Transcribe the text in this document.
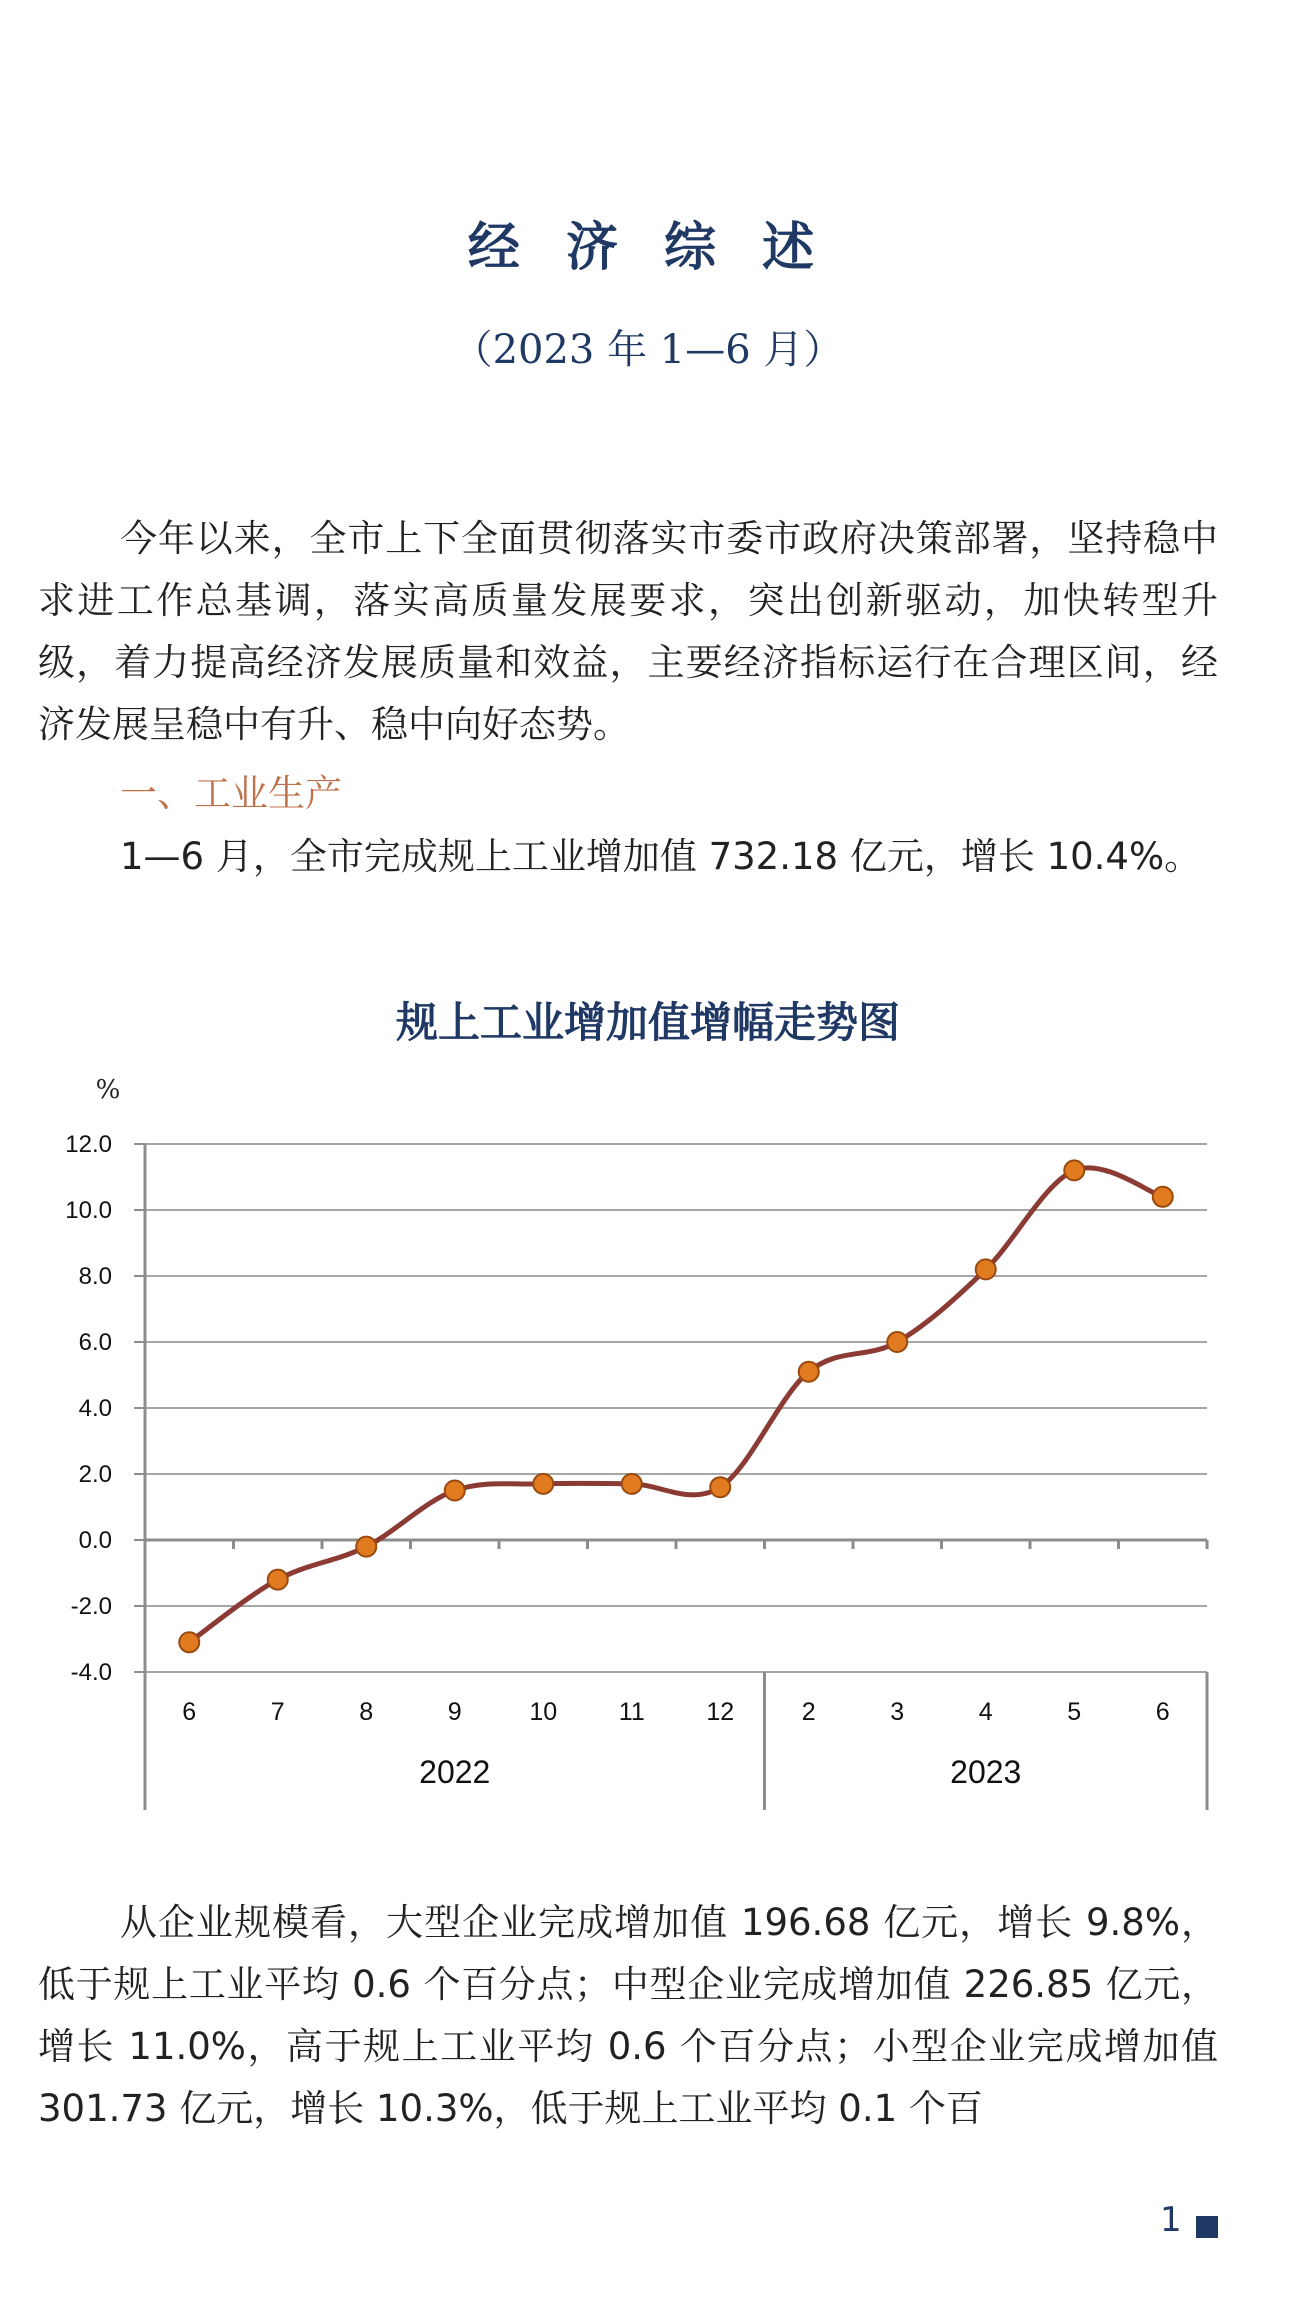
经 济 综 述
（2023 年 1—6 月）

今年以来，全市上下全面贯彻落实市委市政府决策部署，坚持稳中求进工作总基调，落实高质量发展要求，突出创新驱动，加快转型升级，着力提高经济发展质量和效益，主要经济指标运行在合理区间，经济发展呈稳中有升、稳中向好态势。

一、工业生产

1—6 月，全市完成规上工业增加值 732.18 亿元，增长 10.4%。

规上工业增加值增幅走势图
%
12.0
10.0
8.0
6.0
4.0
2.0
0.0
-2.0
-4.0
6	7	8	9	10 11 12	2	3	4	5	6
2022	2023

从企业规模看，大型企业完成增加值 196.68 亿元，增长 9.8%，低于规上工业平均 0.6 个百分点；中型企业完成增加值 226.85 亿元，增长 11.0%，高于规上工业平均 0.6 个百分点；小型企业完成增加值 301.73 亿元，增长 10.3%，低于规上工业平均 0.1 个百

1
